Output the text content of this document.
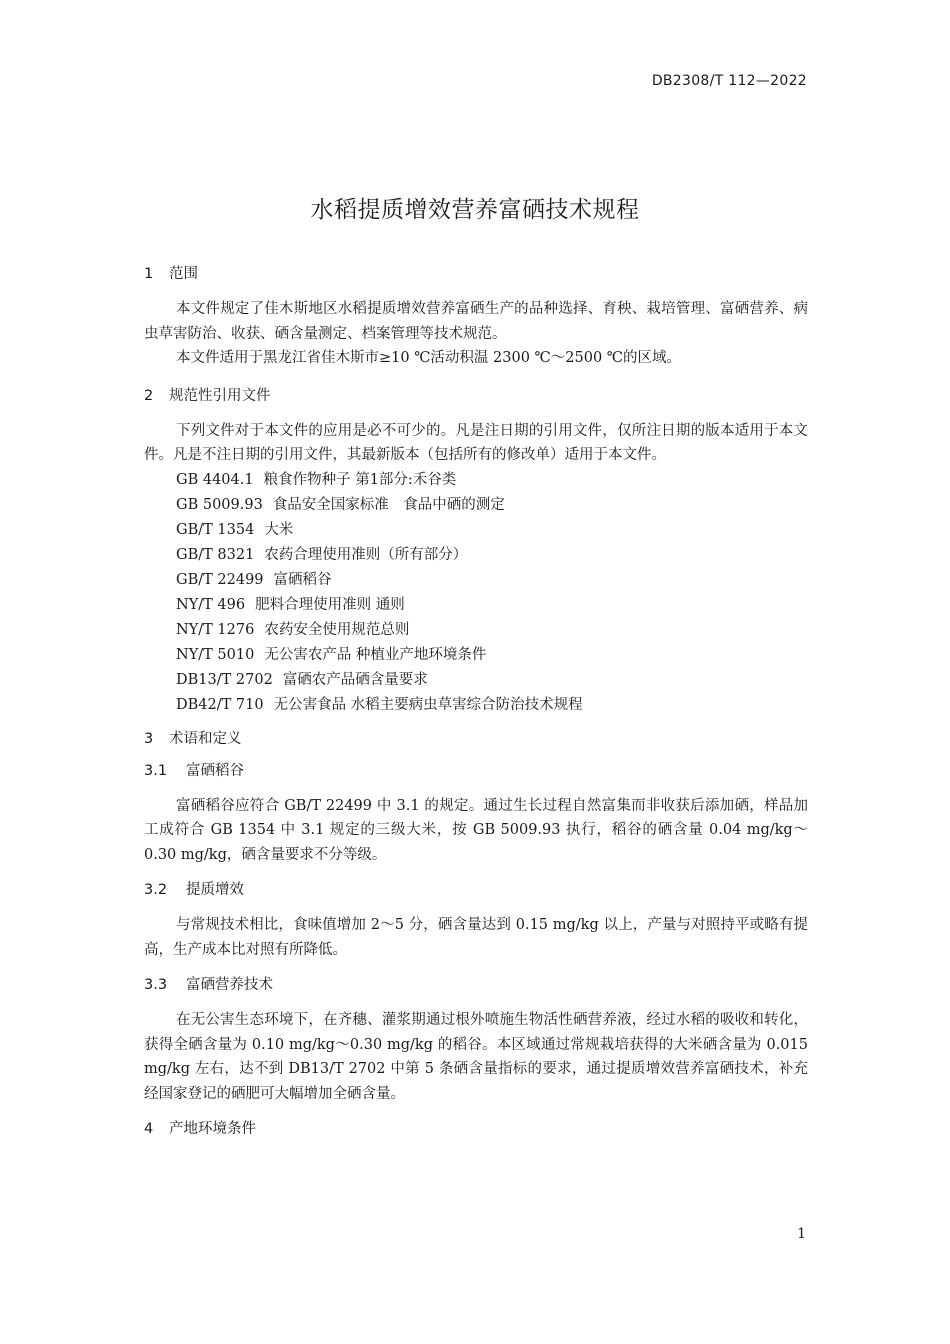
DB2308/T 112—2022
水稻提质增效营养富硒技术规程
1	范围

本文件规定了佳木斯地区水稻提质增效营养富硒生产的品种选择、育秧、栽培管理、富硒营养、病虫草害防治、收获、硒含量测定、档案管理等技术规范。

本文件适用于黑龙江省佳木斯市≥10 ℃活动积温 2300 ℃～2500 ℃的区域。

2	规范性引用文件

下列文件对于本文件的应用是必不可少的。凡是注日期的引用文件，仅所注日期的版本适用于本文件。凡是不注日期的引用文件，其最新版本（包括所有的修改单）适用于本文件。

GB 4404.1 粮食作物种子 第1部分:禾谷类
GB 5009.93 食品安全国家标准　食品中硒的测定
GB/T 1354 大米
GB/T 8321 农药合理使用准则（所有部分）
GB/T 22499 富硒稻谷
NY/T 496 肥料合理使用准则 通则
NY/T 1276 农药安全使用规范总则
NY/T 5010 无公害农产品 种植业产地环境条件
DB13/T 2702 富硒农产品硒含量要求
DB42/T 710 无公害食品 水稻主要病虫草害综合防治技术规程
3	术语和定义
3.1	富硒稻谷

富硒稻谷应符合 GB/T 22499 中 3.1 的规定。通过生长过程自然富集而非收获后添加硒，样品加工成符合 GB 1354 中 3.1 规定的三级大米，按 GB 5009.93 执行，稻谷的硒含量 0.04 mg/kg～0.30 mg/kg，硒含量要求不分等级。

3.2	提质增效

与常规技术相比，食味值增加 2～5 分，硒含量达到 0.15 mg/kg 以上，产量与对照持平或略有提高，生产成本比对照有所降低。

3.3	富硒营养技术

在无公害生态环境下，在齐穗、灌浆期通过根外喷施生物活性硒营养液，经过水稻的吸收和转化，获得全硒含量为 0.10 mg/kg～0.30 mg/kg 的稻谷。本区域通过常规栽培获得的大米硒含量为 0.015 mg/kg 左右，达不到 DB13/T 2702 中第 5 条硒含量指标的要求，通过提质增效营养富硒技术，补充经国家登记的硒肥可大幅增加全硒含量。

4	产地环境条件
1
